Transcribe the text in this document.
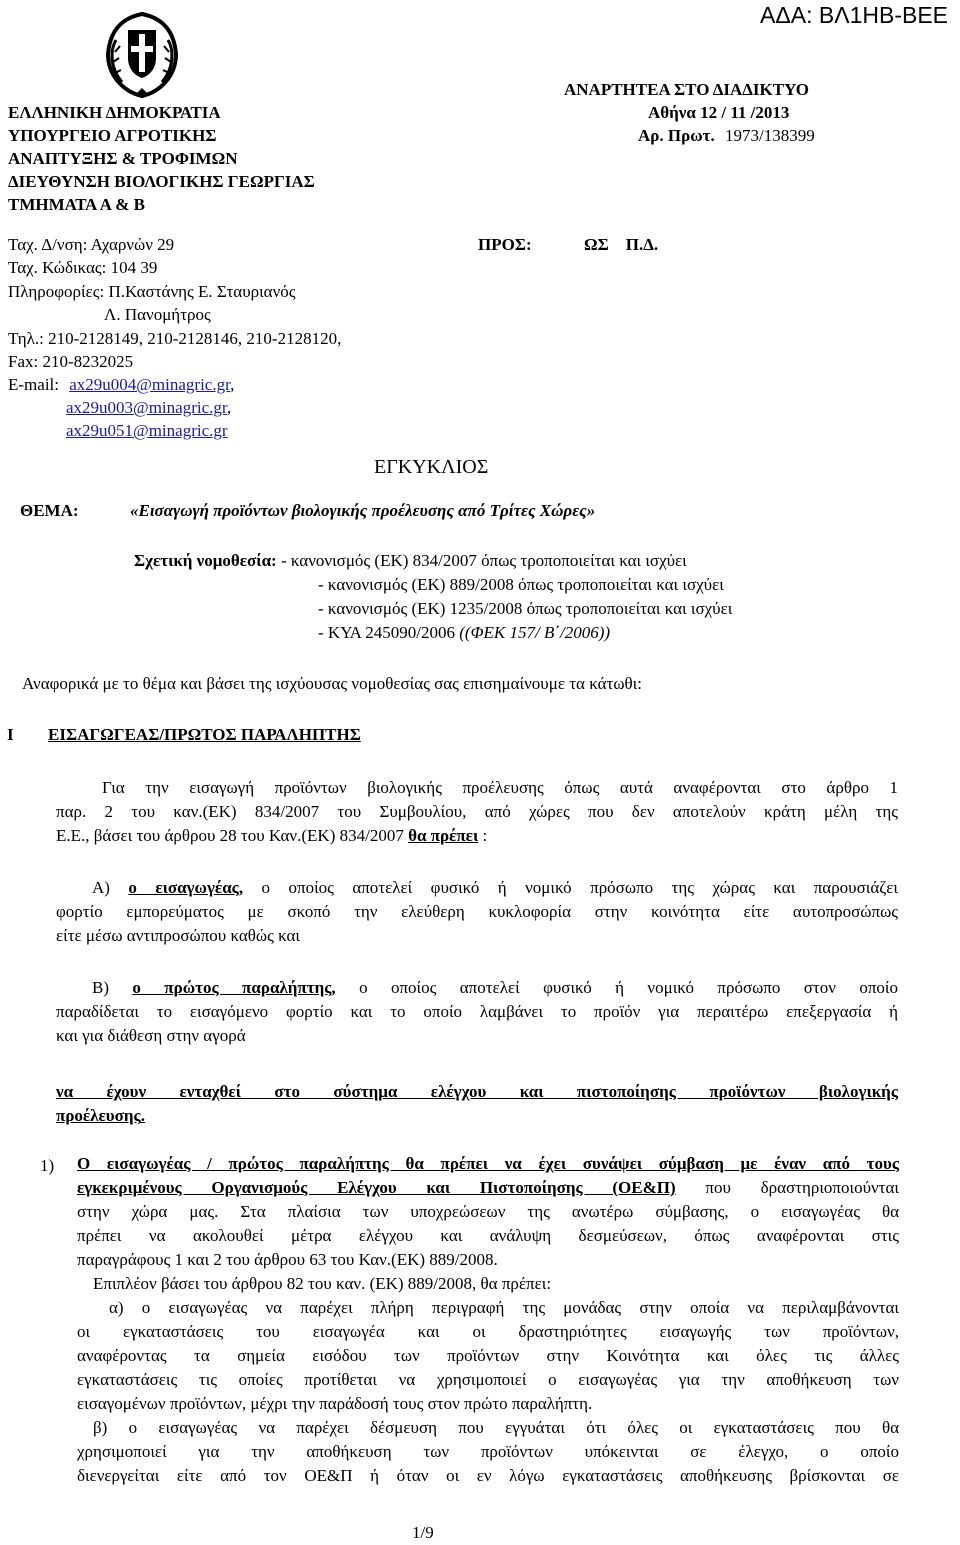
ΑΔΑ: ΒΛ1ΗΒ-ΒΕΕ
ΕΛΛΗΝΙΚΗ ΔΗΜΟΚΡΑΤΙΑ
ΥΠΟΥΡΓΕΙΟ ΑΓΡΟΤΙΚΗΣ
ΑΝΑΠΤΥΞΗΣ & ΤΡΟΦΙΜΩΝ
ΔΙΕΥΘΥΝΣΗ ΒΙΟΛΟΓΙΚΗΣ ΓΕΩΡΓΙΑΣ
ΤΜΗΜΑΤΑ Α & Β
ΑΝΑΡΤΗΤΕΑ ΣΤΟ ΔΙΑΔΙΚΤΥΟ
Αθήνα 12 / 11 /2013
Αρ. Πρωτ. 1973/138399
Ταχ. Δ/νση: Αχαρνών 29
Ταχ. Κώδικας: 104 39
Πληροφορίες: Π.Καστάνης Ε. Σταυριανός
Λ. Πανομήτρος
Τηλ.: 210-2128149, 210-2128146, 210-2128120,
Fax: 210-8232025
E-mail: ax29u004@minagric.gr,
ax29u003@minagric.gr,
ax29u051@minagric.gr
ΠΡΟΣ:	ΩΣ    Π.Δ.
ΕΓΚΥΚΛΙΟΣ
ΘΕΜΑ:	«Εισαγωγή προϊόντων βιολογικής προέλευσης από Τρίτες Χώρες»
Σχετική νομοθεσία: - κανονισμός (ΕΚ) 834/2007 όπως τροποποιείται και ισχύει
- κανονισμός (ΕΚ) 889/2008 όπως τροποποιείται και ισχύει
- κανονισμός (ΕΚ) 1235/2008 όπως τροποποιείται και ισχύει
- ΚΥΑ 245090/2006 ((ΦΕΚ 157/ Β΄/2006))
Αναφορικά με το θέμα και βάσει της ισχύουσας νομοθεσίας σας επισημαίνουμε τα κάτωθι:
Ι ΕΙΣΑΓΩΓΕΑΣ/ΠΡΩΤΟΣ ΠΑΡΑΛΗΠΤΗΣ
Για την εισαγωγή προϊόντων βιολογικής προέλευσης όπως αυτά αναφέρονται στο άρθρο 1
παρ. 2 του καν.(ΕΚ) 834/2007 του Συμβουλίου, από χώρες που δεν αποτελούν κράτη μέλη της
Ε.Ε., βάσει του άρθρου 28 του Καν.(ΕΚ) 834/2007 θα πρέπει :
Α) ο εισαγωγέας, ο οποίος αποτελεί φυσικό ή νομικό πρόσωπο της χώρας και παρουσιάζει
φορτίο εμπορεύματος με σκοπό την ελεύθερη κυκλοφορία στην κοινότητα είτε αυτοπροσώπως
είτε μέσω αντιπροσώπου καθώς και
Β) ο πρώτος παραλήπτης, ο οποίος αποτελεί φυσικό ή νομικό πρόσωπο στον οποίο
παραδίδεται το εισαγόμενο φορτίο και το οποίο λαμβάνει το προϊόν για περαιτέρω επεξεργασία ή
και για διάθεση στην αγορά
να έχουν ενταχθεί στο σύστημα ελέγχου και πιστοποίησης προϊόντων βιολογικής
προέλευσης.
1) Ο εισαγωγέας / πρώτος παραλήπτης θα πρέπει να έχει συνάψει σύμβαση με έναν από τους
εγκεκριμένους Οργανισμούς Ελέγχου και Πιστοποίησης (ΟΕ&Π) που δραστηριοποιούνται
στην χώρα μας. Στα πλαίσια των υποχρεώσεων της ανωτέρω σύμβασης, ο εισαγωγέας θα
πρέπει να ακολουθεί μέτρα ελέγχου και ανάλυψη δεσμεύσεων, όπως αναφέρονται στις
παραγράφους 1 και 2 του άρθρου 63 του Καν.(ΕΚ) 889/2008.
Επιπλέον βάσει του άρθρου 82 του καν. (ΕΚ) 889/2008, θα πρέπει:
α) ο εισαγωγέας να παρέχει πλήρη περιγραφή της μονάδας στην οποία να περιλαμβάνονται
οι εγκαταστάσεις του εισαγωγέα και οι δραστηριότητες εισαγωγής των προϊόντων,
αναφέροντας τα σημεία εισόδου των προϊόντων στην Κοινότητα και όλες τις άλλες
εγκαταστάσεις τις οποίες προτίθεται να χρησιμοποιεί ο εισαγωγέας για την αποθήκευση των
εισαγομένων προϊόντων, μέχρι την παράδοσή τους στον πρώτο παραλήπτη.
β) ο εισαγωγέας να παρέχει δέσμευση που εγγυάται ότι όλες οι εγκαταστάσεις που θα
χρησιμοποιεί για την αποθήκευση των προϊόντων υπόκεινται σε έλεγχο, ο οποίο
διενεργείται είτε από τον ΟΕ&Π ή όταν οι εν λόγω εγκαταστάσεις αποθήκευσης βρίσκονται σε
1/9
